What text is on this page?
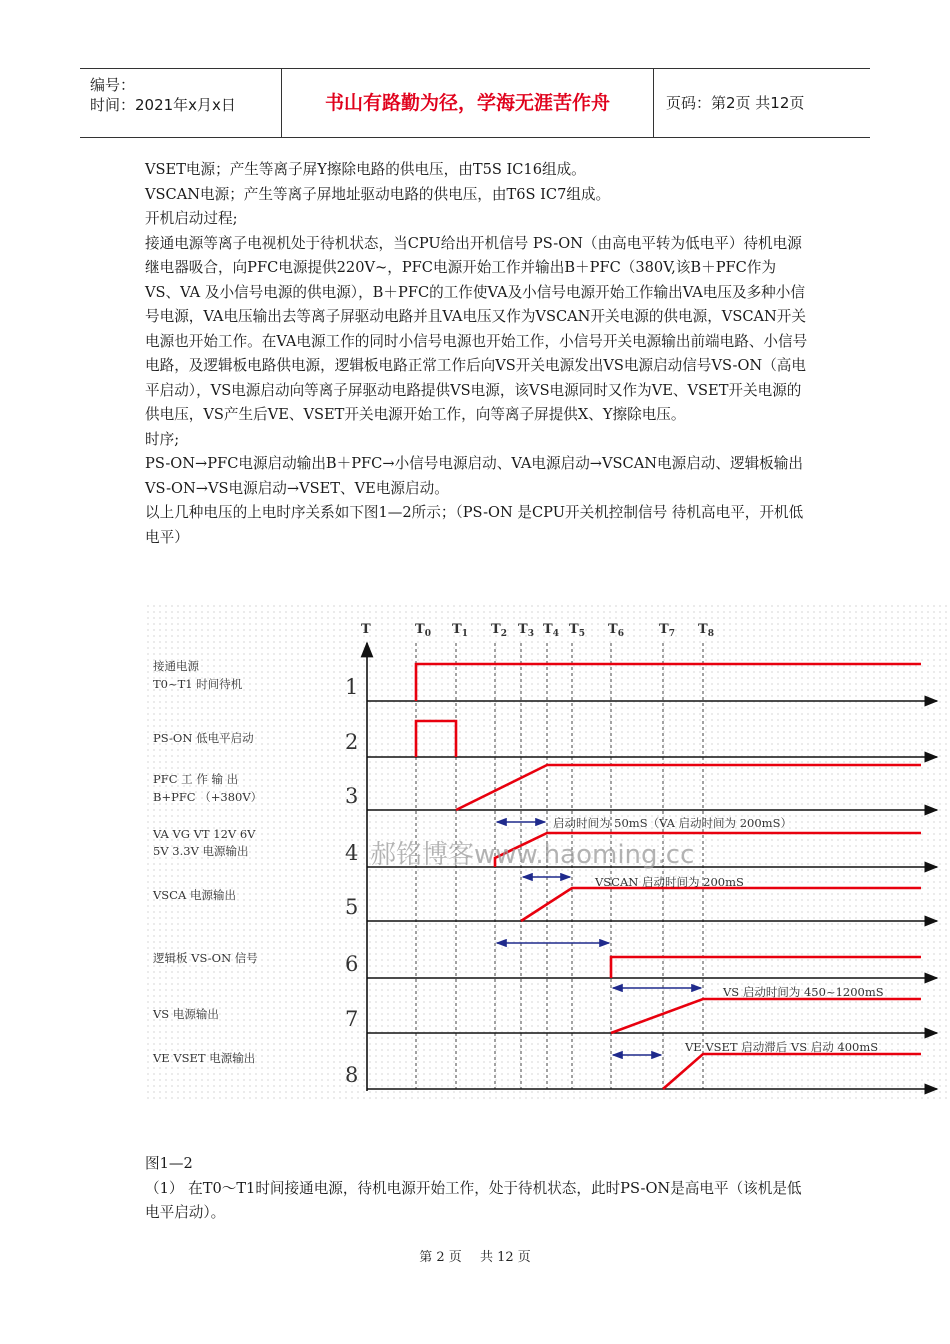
编号：
时间：2021年x月x日	书山有路勤为径，学海无涯苦作舟	页码：第2页 共12页

VSET电源；产生等离子屏Y擦除电路的供电压，由T5S IC16组成。

VSCAN电源；产生等离子屏地址驱动电路的供电压，由T6S IC7组成。

开机启动过程;

接通电源等离子电视机处于待机状态，当CPU给出开机信号 PS-ON（由高电平转为低电平）待机电源继电器吸合，向PFC电源提供220V~，PFC电源开始工作并输出B＋PFC（380V,该B＋PFC作为VS、VA 及小信号电源的供电源），B＋PFC的工作使VA及小信号电源开始工作输出VA电压及多种小信号电源，VA电压输出去等离子屏驱动电路并且VA电压又作为VSCAN开关电源的供电源，VSCAN开关电源也开始工作。在VA电源工作的同时小信号电源也开始工作，小信号开关电源输出前端电路、小信号电路，及逻辑板电路供电源，逻辑板电路正常工作后向VS开关电源发出VS电源启动信号VS-ON（高电平启动），VS电源启动向等离子屏驱动电路提供VS电源，该VS电源同时又作为VE、VSET开关电源的供电压，VS产生后VE、VSET开关电源开始工作，向等离子屏提供X、Y擦除电压。

时序;

PS-ON→PFC电源启动输出B＋PFC→小信号电源启动、VA电源启动→VSCAN电源启动、逻辑板输出VS-ON→VS电源启动→VSET、VE电源启动。

以上几种电压的上电时序关系如下图1—2所示；（PS-ON 是CPU开关机控制信号 待机高电平，开机低电平）

T	$T_0$ $T_1$ $T_2$ $T_3$ $T_4$ $T_5$ $T_6$	$T_7$ $T_8$
接通电源
T0~T1 时间待机
PS-ON 低电平启动
PFC 工 作 输 出
B+PFC （+380V）
VA VG VT 12V 6V
5V 3.3V 电源输出
VSCA 电源输出
逻辑板 VS-ON 信号
VS 电源输出
VE VSET 电源输出
1
2
3
4
5
6
7
8
启动时间为 50mS（VA 启动时间为 200mS）
VSCAN 启动时间为 200mS
VS 启动时间为 450~1200mS
VE VSET 启动滞后 VS 启动 400mS
郝铭博客www.haoming.cc

图1—2

（1） 在T0～T1时间接通电源，待机电源开始工作，处于待机状态，此时PS-ON是高电平（该机是低电平启动）。

第 2 页 共 12 页
